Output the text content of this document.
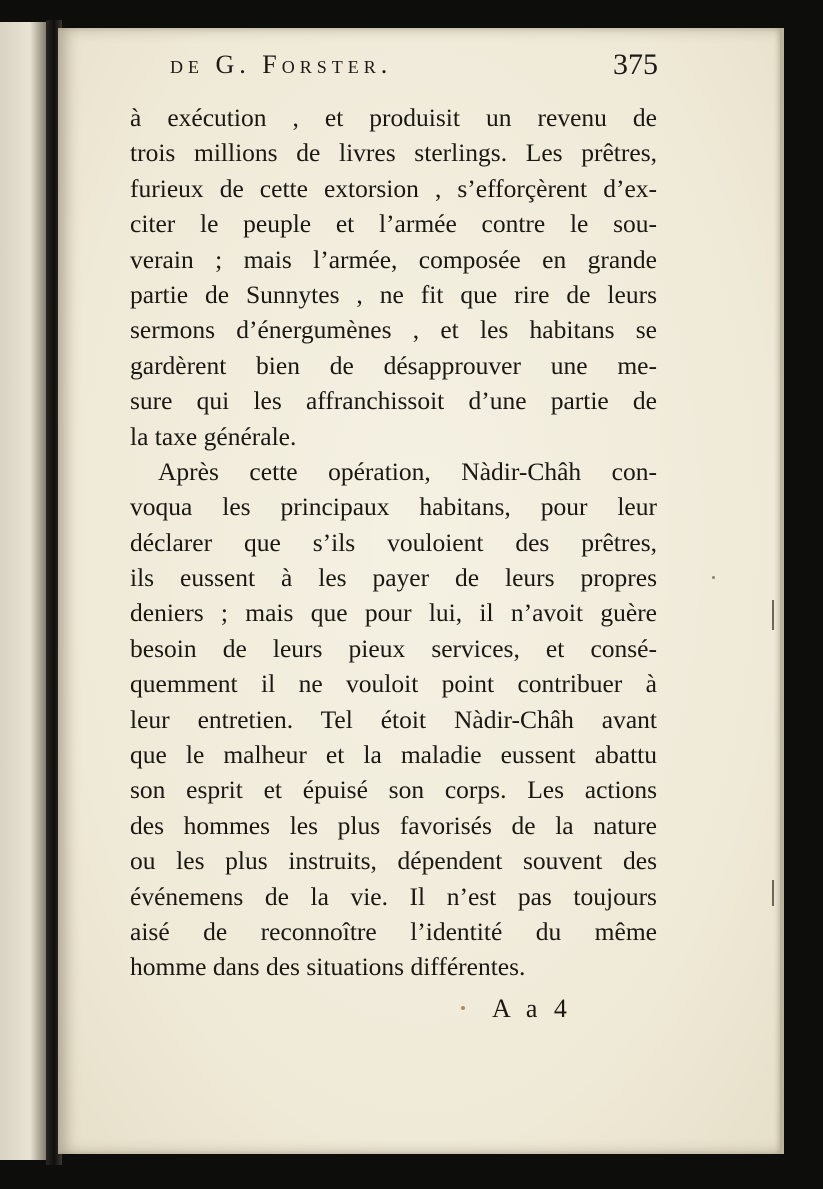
de G. Forster.	375
à exécution , et produisit un revenu de
trois millions de livres sterlings. Les prêtres,
furieux de cette extorsion , s’efforçèrent d’ex-
citer le peuple et l’armée contre le sou-
verain ; mais l’armée, composée en grande
partie de Sunnytes , ne fit que rire de leurs
sermons d’énergumènes , et les habitans se
gardèrent bien de désapprouver une me-
sure qui les affranchissoit d’une partie de
la taxe générale.
Après cette opération, Nàdir-Châh con-
voqua les principaux habitans, pour leur
déclarer que s’ils vouloient des prêtres,
ils eussent à les payer de leurs propres
deniers ; mais que pour lui, il n’avoit guère
besoin de leurs pieux services, et consé-
quemment il ne vouloit point contribuer à
leur entretien. Tel étoit Nàdir-Châh avant
que le malheur et la maladie eussent abattu
son esprit et épuisé son corps. Les actions
des hommes les plus favorisés de la nature
ou les plus instruits, dépendent souvent des
événemens de la vie. Il n’est pas toujours
aisé de reconnoître l’identité du même
homme dans des situations différentes.
A a 4
